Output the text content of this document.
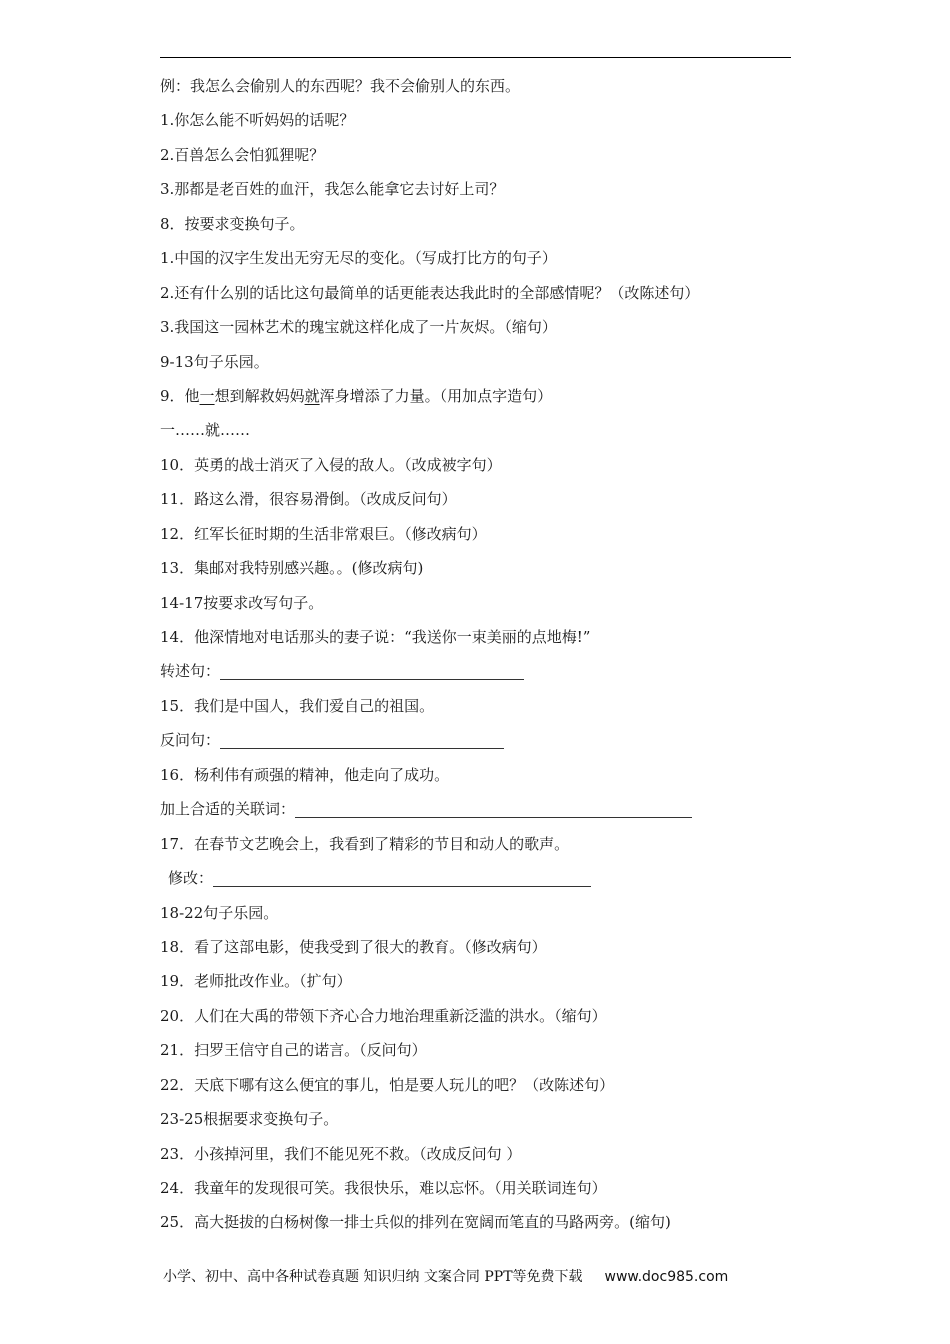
例：我怎么会偷别人的东西呢？我不会偷别人的东西。
1.你怎么能不听妈妈的话呢？
2.百兽怎么会怕狐狸呢？
3.那都是老百姓的血汗，我怎么能拿它去讨好上司？
8．按要求变换句子。
1.中国的汉字生发出无穷无尽的变化。（写成打比方的句子）
2.还有什么别的话比这句最简单的话更能表达我此时的全部感情呢？（改陈述句）
3.我国这一园林艺术的瑰宝就这样化成了一片灰烬。（缩句）
9-13句子乐园。
9．他一想到解救妈妈就浑身增添了力量。（用加点字造句）
一……就……
10．英勇的战士消灭了入侵的敌人。（改成被字句）
11．路这么滑，很容易滑倒。（改成反问句）
12．红军长征时期的生活非常艰巨。（修改病句）
13．集邮对我特别感兴趣。。(修改病句)
14-17按要求改写句子。
14．他深情地对电话那头的妻子说：“我送你一束美丽的点地梅!”
转述句：
15．我们是中国人，我们爱自己的祖国。
反问句：
16．杨利伟有顽强的精神，他走向了成功。
加上合适的关联词：
17．在春节文艺晚会上，我看到了精彩的节目和动人的歌声。
修改：
18-22句子乐园。
18．看了这部电影，使我受到了很大的教育。（修改病句）
19．老师批改作业。（扩句）
20．人们在大禹的带领下齐心合力地治理重新泛滥的洪水。（缩句）
21．扫罗王信守自己的诺言。（反问句）
22．天底下哪有这么便宜的事儿，怕是要人玩儿的吧？（改陈述句）
23-25根据要求变换句子。
23．小孩掉河里，我们不能见死不救。（改成反问句 ）
24．我童年的发现很可笑。我很快乐，难以忘怀。（用关联词连句）
25．高大挺拔的白杨树像一排士兵似的排列在宽阔而笔直的马路两旁。(缩句)
小学、初中、高中各种试卷真题 知识归纳 文案合同 PPT等免费下载 www.doc985.com
